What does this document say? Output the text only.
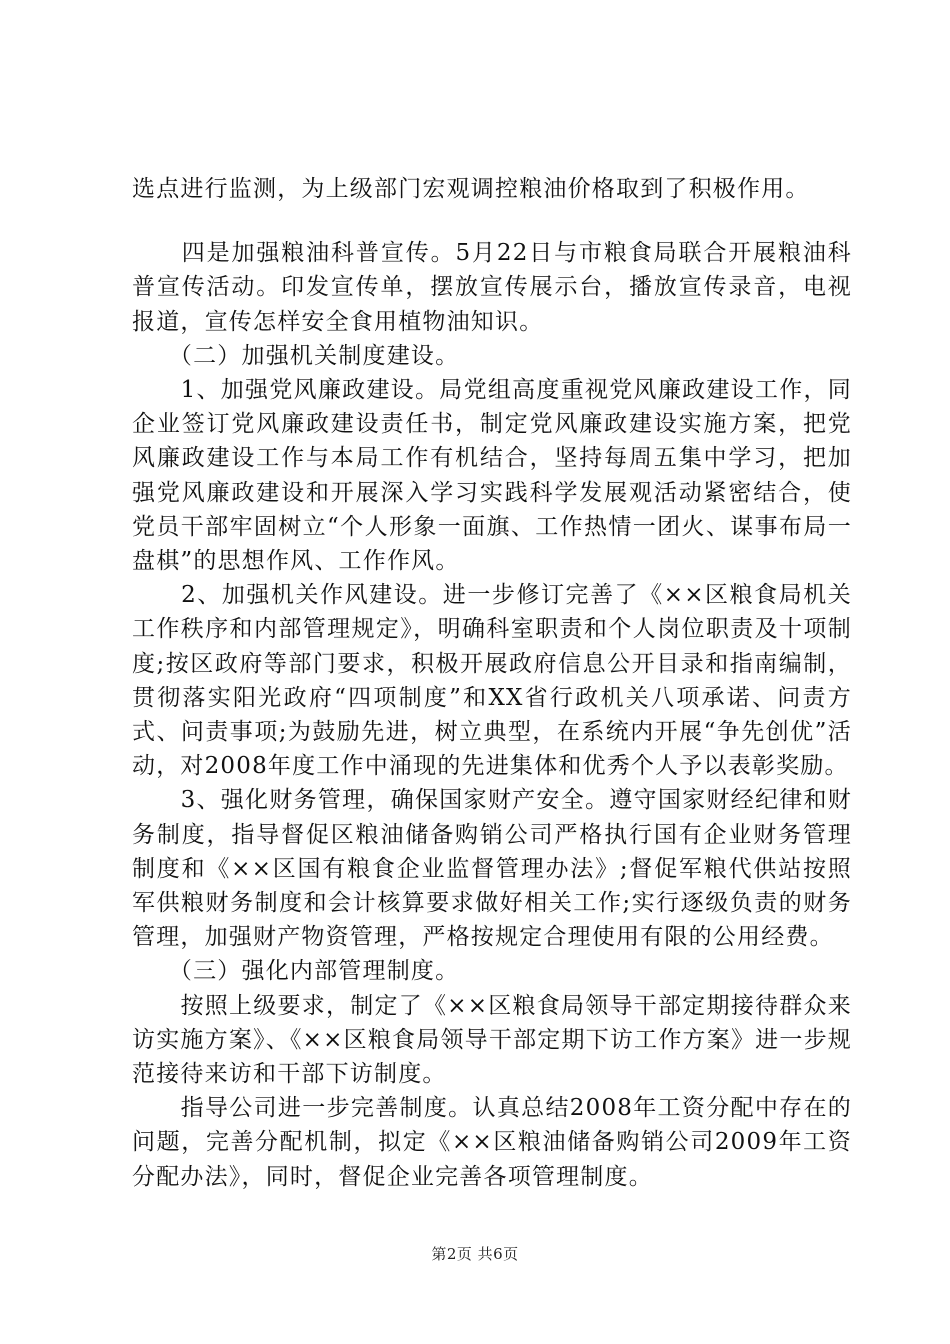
选点进行监测，为上级部门宏观调控粮油价格取到了积极作用。

　　四是加强粮油科普宣传。5月22日与市粮食局联合开展粮油科普宣传活动。印发宣传单，摆放宣传展示台，播放宣传录音，电视报道，宣传怎样安全食用植物油知识。

　　（二）加强机关制度建设。

　　1、加强党风廉政建设。局党组高度重视党风廉政建设工作，同企业签订党风廉政建设责任书，制定党风廉政建设实施方案，把党风廉政建设工作与本局工作有机结合，坚持每周五集中学习，把加强党风廉政建设和开展深入学习实践科学发展观活动紧密结合，使党员干部牢固树立“个人形象一面旗、工作热情一团火、谋事布局一盘棋”的思想作风、工作作风。

　　2、加强机关作风建设。进一步修订完善了《××区粮食局机关工作秩序和内部管理规定》，明确科室职责和个人岗位职责及十项制度;按区政府等部门要求，积极开展政府信息公开目录和指南编制，贯彻落实阳光政府“四项制度”和XX省行政机关八项承诺、问责方式、问责事项;为鼓励先进，树立典型，在系统内开展“争先创优”活动，对2008年度工作中涌现的先进集体和优秀个人予以表彰奖励。

　　3、强化财务管理，确保国家财产安全。遵守国家财经纪律和财务制度，指导督促区粮油储备购销公司严格执行国有企业财务管理制度和《××区国有粮食企业监督管理办法》;督促军粮代供站按照军供粮财务制度和会计核算要求做好相关工作;实行逐级负责的财务管理，加强财产物资管理，严格按规定合理使用有限的公用经费。

　　（三）强化内部管理制度。

　　按照上级要求，制定了《××区粮食局领导干部定期接待群众来访实施方案》、《××区粮食局领导干部定期下访工作方案》进一步规范接待来访和干部下访制度。

　　指导公司进一步完善制度。认真总结2008年工资分配中存在的问题，完善分配机制，拟定《××区粮油储备购销公司2009年工资分配办法》，同时，督促企业完善各项管理制度。

第2页 共6页
